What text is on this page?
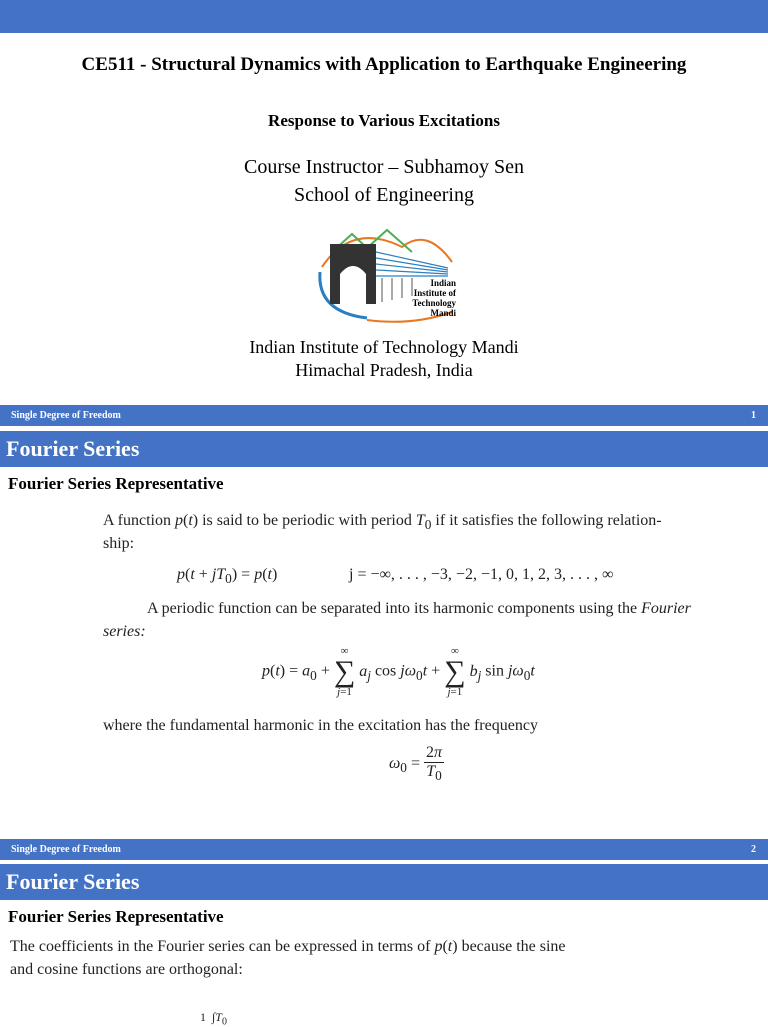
CE511 - Structural Dynamics with Application to Earthquake Engineering
Response to Various Excitations
Course Instructor – Subhamoy Sen
School of Engineering
Indian Institute of Technology Mandi
Indian Institute of Technology Mandi
Himachal Pradesh, India
Single Degree of Freedom	1
Fourier Series
Fourier Series Representative
A function p(t) is said to be periodic with period $T_0$ if it satisfies the following relation-
ship:
$p(t + jT_0) = p(t)$	j = −∞, . . . , −3, −2, −1, 0, 1, 2, 3, . . . , ∞
A periodic function can be separated into its harmonic components using the Fourier
series:
$p(t) = a_0$ +
∞
∑
j=1
$a_j$ $\cos j\omega_0t$ +
∞
∑
j=1
$b_j$ $\sin j\omega_0t$
where the fundamental harmonic in the excitation has the frequency
$\omega_0 = \frac{2\pi}{T_0}$
Single Degree of Freedom	2
Fourier Series
Fourier Series Representative
The coefficients in the Fourier series can be expressed in terms of p(t) because the sine
and cosine functions are orthogonal:
1  $\int T_0$
